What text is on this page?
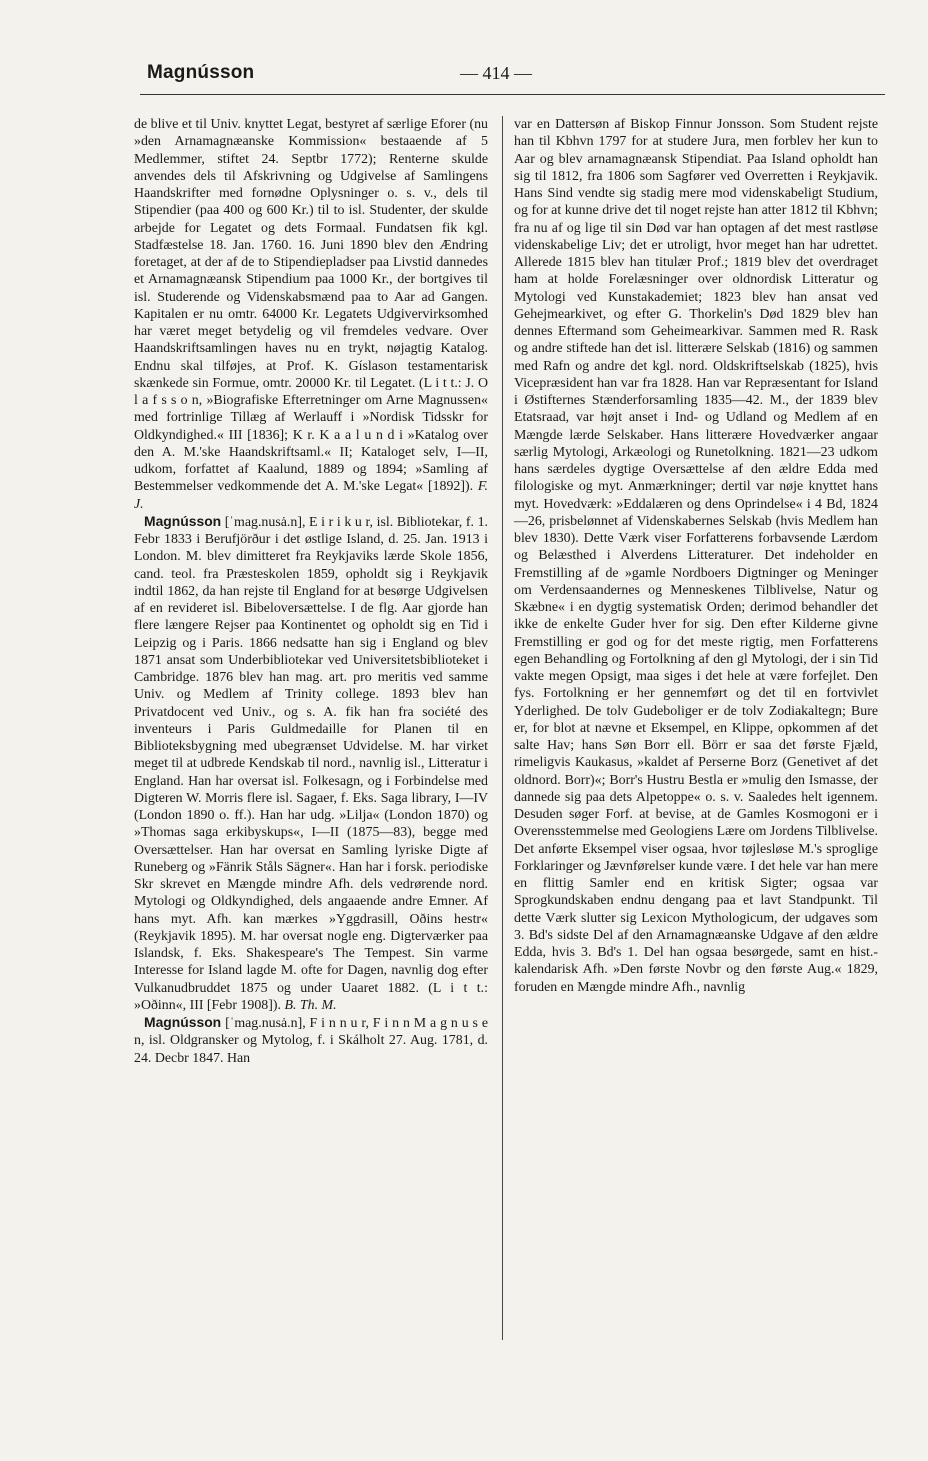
Magnússon	— 414 —

de blive et til Univ. knyttet Legat, bestyret af særlige Eforer (nu »den Arnamagnæanske Kommission« bestaaende af 5 Medlemmer, stiftet 24. Septbr 1772); Renterne skulde anvendes dels til Afskrivning og Udgivelse af Samlingens Haandskrifter med fornødne Oplysninger o. s. v., dels til Stipendier (paa 400 og 600 Kr.) til to isl. Studenter, der skulde arbejde for Legatet og dets Formaal. Fundatsen fik kgl. Stadfæstelse 18. Jan. 1760. 16. Juni 1890 blev den Ændring foretaget, at der af de to Stipendiepladser paa Livstid dannedes et Arnamagnæansk Stipendium paa 1000 Kr., der bortgives til isl. Studerende og Videnskabsmænd paa to Aar ad Gangen. Kapitalen er nu omtr. 64000 Kr. Legatets Udgivervirksomhed har været meget betydelig og vil fremdeles vedvare. Over Haandskriftsamlingen haves nu en trykt, nøjagtig Katalog. Endnu skal tilføjes, at Prof. K. Gíslason testamentarisk skænkede sin Formue, omtr. 20000 Kr. til Legatet. (L i t t.: J. O l a f s s o n, »Biografiske Efterretninger om Arne Magnussen« med fortrinlige Tillæg af Werlauff i »Nordisk Tidsskr for Oldkyndighed.« III [1836]; K r. K a a l u n d i »Katalog over den A. M.'ske Haandskriftsaml.« II; Kataloget selv, I—II, udkom, forfattet af Kaalund, 1889 og 1894; »Samling af Bestemmelser vedkommende det A. M.'ske Legat« [1892]). F. J.

Magnússon [ˈmag.nusȧ.n], E i r i k u r, isl. Bibliotekar, f. 1. Febr 1833 i Berufjörður i det østlige Island, d. 25. Jan. 1913 i London. M. blev dimitteret fra Reykjaviks lærde Skole 1856, cand. teol. fra Præsteskolen 1859, opholdt sig i Reykjavik indtil 1862, da han rejste til England for at besørge Udgivelsen af en revideret isl. Bibeloversættelse. I de flg. Aar gjorde han flere længere Rejser paa Kontinentet og opholdt sig en Tid i Leipzig og i Paris. 1866 nedsatte han sig i England og blev 1871 ansat som Underbibliotekar ved Universitetsbiblioteket i Cambridge. 1876 blev han mag. art. pro meritis ved samme Univ. og Medlem af Trinity college. 1893 blev han Privatdocent ved Univ., og s. A. fik han fra société des inventeurs i Paris Guldmedaille for Planen til en Biblioteksbygning med ubegrænset Udvidelse. M. har virket meget til at udbrede Kendskab til nord., navnlig isl., Litteratur i England. Han har oversat isl. Folkesagn, og i Forbindelse med Digteren W. Morris flere isl. Sagaer, f. Eks. Saga library, I—IV (London 1890 o. ff.). Han har udg. »Lilja« (London 1870) og »Thomas saga erkibyskups«, I—II (1875—83), begge med Oversættelser. Han har oversat en Samling lyriske Digte af Runeberg og »Fänrik Ståls Sägner«. Han har i forsk. periodiske Skr skrevet en Mængde mindre Afh. dels vedrørende nord. Mytologi og Oldkyndighed, dels angaaende andre Emner. Af hans myt. Afh. kan mærkes »Yggdrasill, Oðins hestr« (Reykjavik 1895). M. har oversat nogle eng. Digterværker paa Islandsk, f. Eks. Shakespeare's The Tempest. Sin varme Interesse for Island lagde M. ofte for Dagen, navnlig dog efter Vulkanudbruddet 1875 og under Uaaret 1882. (L i t t.: »Oðinn«, III [Febr 1908]). B. Th. M.

Magnússon [ˈmag.nusȧ.n], F i n n u r, F i n n M a g n u s e n, isl. Oldgransker og Mytolog, f. i Skálholt 27. Aug. 1781, d. 24. Decbr 1847. Han

var en Dattersøn af Biskop Finnur Jonsson. Som Student rejste han til Kbhvn 1797 for at studere Jura, men forblev her kun to Aar og blev arnamagnæansk Stipendiat. Paa Island opholdt han sig til 1812, fra 1806 som Sagfører ved Overretten i Reykjavik. Hans Sind vendte sig stadig mere mod videnskabeligt Studium, og for at kunne drive det til noget rejste han atter 1812 til Kbhvn; fra nu af og lige til sin Død var han optagen af det mest rastløse videnskabelige Liv; det er utroligt, hvor meget han har udrettet. Allerede 1815 blev han titulær Prof.; 1819 blev det overdraget ham at holde Forelæsninger over oldnordisk Litteratur og Mytologi ved Kunstakademiet; 1823 blev han ansat ved Gehejmearkivet, og efter G. Thorkelin's Død 1829 blev han dennes Eftermand som Geheimearkivar. Sammen med R. Rask og andre stiftede han det isl. litterære Selskab (1816) og sammen med Rafn og andre det kgl. nord. Oldskriftselskab (1825), hvis Vicepræsident han var fra 1828. Han var Repræsentant for Island i Østifternes Stænderforsamling 1835—42. M., der 1839 blev Etatsraad, var højt anset i Ind- og Udland og Medlem af en Mængde lærde Selskaber. Hans litterære Hovedværker angaar særlig Mytologi, Arkæologi og Runetolkning. 1821—23 udkom hans særdeles dygtige Oversættelse af den ældre Edda med filologiske og myt. Anmærkninger; dertil var nøje knyttet hans myt. Hovedværk: »Eddalæren og dens Oprindelse« i 4 Bd, 1824—26, prisbelønnet af Videnskabernes Selskab (hvis Medlem han blev 1830). Dette Værk viser Forfatterens forbavsende Lærdom og Belæsthed i Alverdens Litteraturer. Det indeholder en Fremstilling af de »gamle Nordboers Digtninger og Meninger om Verdensaandernes og Menneskenes Tilblivelse, Natur og Skæbne« i en dygtig systematisk Orden; derimod behandler det ikke de enkelte Guder hver for sig. Den efter Kilderne givne Fremstilling er god og for det meste rigtig, men Forfatterens egen Behandling og Fortolkning af den gl Mytologi, der i sin Tid vakte megen Opsigt, maa siges i det hele at være forfejlet. Den fys. Fortolkning er her gennemført og det til en fortvivlet Yderlighed. De tolv Gudeboliger er de tolv Zodiakaltegn; Bure er, for blot at nævne et Eksempel, en Klippe, opkommen af det salte Hav; hans Søn Borr ell. Börr er saa det første Fjæld, rimeligvis Kaukasus, »kaldet af Perserne Borz (Genetivet af det oldnord. Borr)«; Borr's Hustru Bestla er »mulig den Ismasse, der dannede sig paa dets Alpetoppe« o. s. v. Saaledes helt igennem. Desuden søger Forf. at bevise, at de Gamles Kosmogoni er i Overensstemmelse med Geologiens Lære om Jordens Tilblivelse. Det anførte Eksempel viser ogsaa, hvor tøjlesløse M.'s sproglige Forklaringer og Jævnførelser kunde være. I det hele var han mere en flittig Samler end en kritisk Sigter; ogsaa var Sprogkundskaben endnu dengang paa et lavt Standpunkt. Til dette Værk slutter sig Lexicon Mythologicum, der udgaves som 3. Bd's sidste Del af den Arnamagnæanske Udgave af den ældre Edda, hvis 3. Bd's 1. Del han ogsaa besørgede, samt en hist.-kalendarisk Afh. »Den første Novbr og den første Aug.« 1829, foruden en Mængde mindre Afh., navnlig
